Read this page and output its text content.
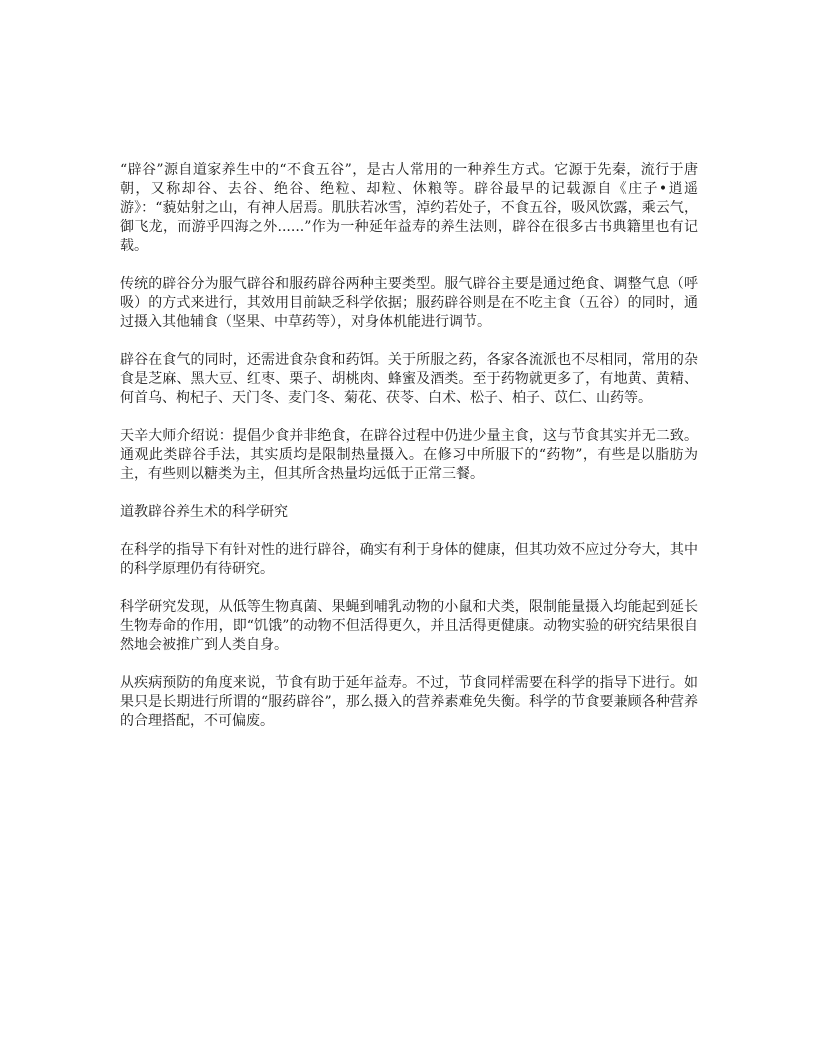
“辟谷”源自道家养生中的“不食五谷”，是古人常用的一种养生方式。它源于先秦，流行于唐朝，又称却谷、去谷、绝谷、绝粒、却粒、休粮等。辟谷最早的记载源自《庄子•逍遥游》：“藐姑射之山，有神人居焉。肌肤若冰雪，淖约若处子，不食五谷，吸风饮露，乘云气，御飞龙，而游乎四海之外......”作为一种延年益寿的养生法则，辟谷在很多古书典籍里也有记载。

传统的辟谷分为服气辟谷和服药辟谷两种主要类型。服气辟谷主要是通过绝食、调整气息（呼吸）的方式来进行，其效用目前缺乏科学依据；服药辟谷则是在不吃主食（五谷）的同时，通过摄入其他辅食（坚果、中草药等），对身体机能进行调节。

辟谷在食气的同时，还需进食杂食和药饵。关于所服之药，各家各流派也不尽相同，常用的杂食是芝麻、黑大豆、红枣、栗子、胡桃肉、蜂蜜及酒类。至于药物就更多了，有地黄、黄精、何首乌、枸杞子、天门冬、麦门冬、菊花、茯苓、白术、松子、柏子、苡仁、山药等。

天辛大师介绍说：提倡少食并非绝食，在辟谷过程中仍进少量主食，这与节食其实并无二致。通观此类辟谷手法，其实质均是限制热量摄入。在修习中所服下的“药物”，有些是以脂肪为主，有些则以糖类为主，但其所含热量均远低于正常三餐。

道教辟谷养生术的科学研究

在科学的指导下有针对性的进行辟谷，确实有利于身体的健康，但其功效不应过分夸大，其中的科学原理仍有待研究。

科学研究发现，从低等生物真菌、果蝇到哺乳动物的小鼠和犬类，限制能量摄入均能起到延长生物寿命的作用，即“饥饿”的动物不但活得更久，并且活得更健康。动物实验的研究结果很自然地会被推广到人类自身。

从疾病预防的角度来说，节食有助于延年益寿。不过，节食同样需要在科学的指导下进行。如果只是长期进行所谓的“服药辟谷”，那么摄入的营养素难免失衡。科学的节食要兼顾各种营养的合理搭配，不可偏废。
